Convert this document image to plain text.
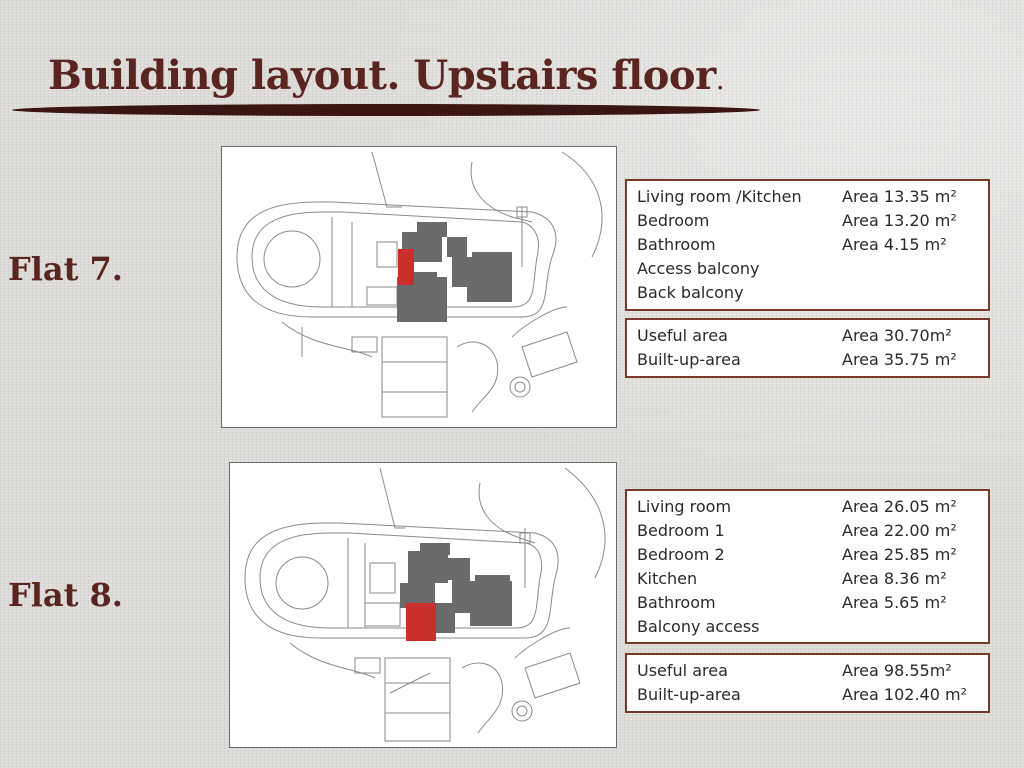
Building layout. Upstairs floor.
Flat 7.
Flat 8.
Living room /Kitchen	Area 13.35 m²
Bedroom	Area 13.20 m²
Bathroom	Area 4.15 m²
Access balcony
Back balcony
Useful area	Area 30.70m²
Built-up-area	Area 35.75 m²
Living room	Area 26.05 m²
Bedroom 1	Area 22.00 m²
Bedroom 2	Area 25.85 m²
Kitchen	Area 8.36 m²
Bathroom	Area 5.65 m²
Balcony access
Useful area	Area 98.55m²
Built-up-area	Area 102.40 m²
